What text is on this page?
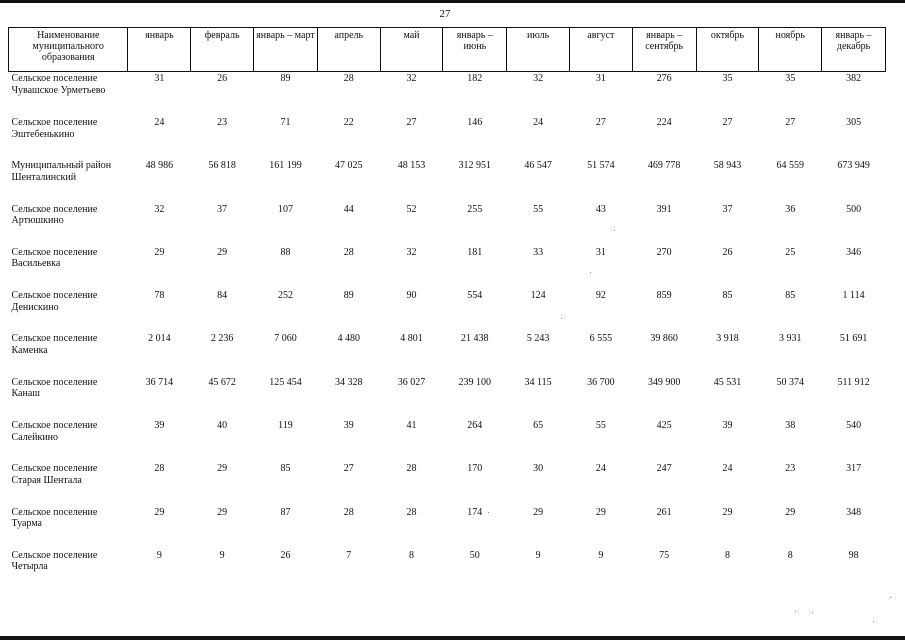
27
Наименование муниципального образования	январь	февраль	январь – март	апрель	май	январь – июнь	июль	август	январь – сентябрь	октябрь	ноябрь	январь – декабрь
Сельское поселение Чувашское Урметьево	31	26	89	28	32	182	32	31	276	35	35	382
Сельское поселение Эштебенькино	24	23	71	22	27	146	24	27	224	27	27	305
Муниципальный район Шенталинский	48 986	56 818	161 199	47 025	48 153	312 951	46 547	51 574	469 778	58 943	64 559	673 949
Сельское поселение Артюшкино	32	37	107	44	52	255	55	43	391	37	36	500
Сельское поселение Васильевка	29	29	88	28	32	181	33	31	270	26	25	346
Сельское поселение Денискино	78	84	252	89	90	554	124	92	859	85	85	1 114
Сельское поселение Каменка	2 014	2 236	7 060	4 480	4 801	21 438	5 243	6 555	39 860	3 918	3 931	51 691
Сельское поселение Канаш	36 714	45 672	125 454	34 328	36 027	239 100	34 115	36 700	349 900	45 531	50 374	511 912
Сельское поселение Салейкино	39	40	119	39	41	264	65	55	425	39	38	540
Сельское поселение Старая Шентала	28	29	85	27	28	170	30	24	247	24	23	317
Сельское поселение Туарма	29	29	87	28	28	174	29	29	261	29	29	348
Сельское поселение Четырла	9	9	26	7	8	50	9	9	75	8	8	98
